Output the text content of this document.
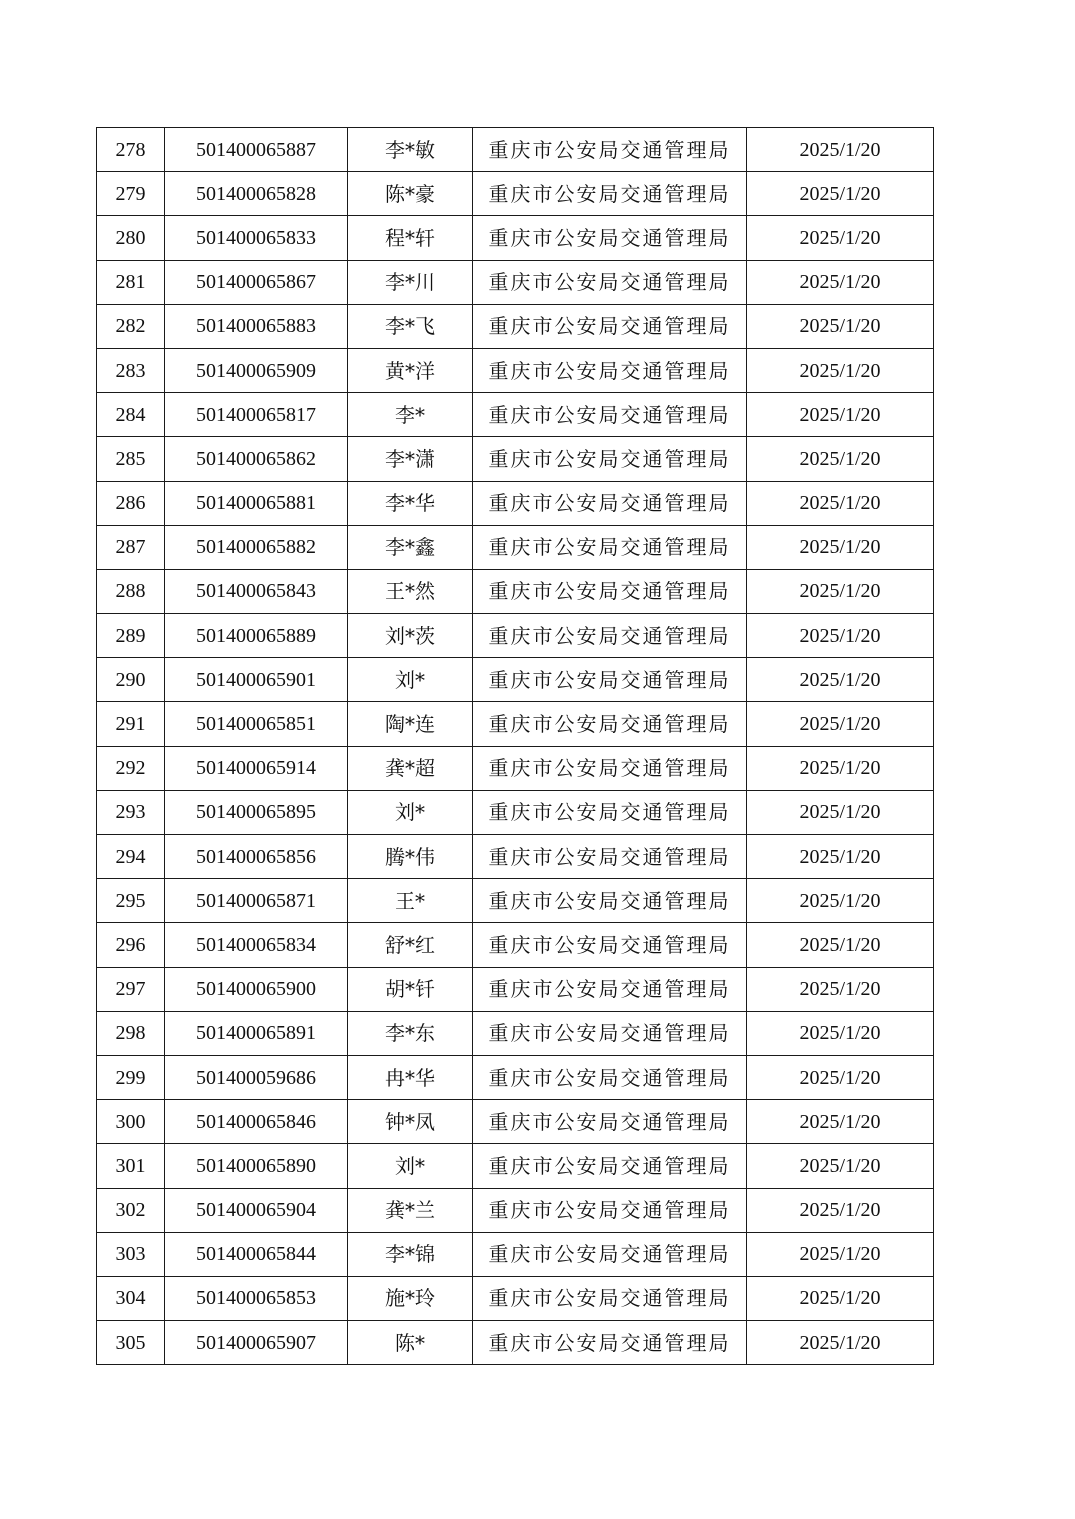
278	501400065887	李*敏	重庆市公安局交通管理局	2025/1/20
279	501400065828	陈*豪	重庆市公安局交通管理局	2025/1/20
280	501400065833	程*轩	重庆市公安局交通管理局	2025/1/20
281	501400065867	李*川	重庆市公安局交通管理局	2025/1/20
282	501400065883	李*飞	重庆市公安局交通管理局	2025/1/20
283	501400065909	黄*洋	重庆市公安局交通管理局	2025/1/20
284	501400065817	李*	重庆市公安局交通管理局	2025/1/20
285	501400065862	李*潇	重庆市公安局交通管理局	2025/1/20
286	501400065881	李*华	重庆市公安局交通管理局	2025/1/20
287	501400065882	李*鑫	重庆市公安局交通管理局	2025/1/20
288	501400065843	王*然	重庆市公安局交通管理局	2025/1/20
289	501400065889	刘*茨	重庆市公安局交通管理局	2025/1/20
290	501400065901	刘*	重庆市公安局交通管理局	2025/1/20
291	501400065851	陶*连	重庆市公安局交通管理局	2025/1/20
292	501400065914	龚*超	重庆市公安局交通管理局	2025/1/20
293	501400065895	刘*	重庆市公安局交通管理局	2025/1/20
294	501400065856	腾*伟	重庆市公安局交通管理局	2025/1/20
295	501400065871	王*	重庆市公安局交通管理局	2025/1/20
296	501400065834	舒*红	重庆市公安局交通管理局	2025/1/20
297	501400065900	胡*钎	重庆市公安局交通管理局	2025/1/20
298	501400065891	李*东	重庆市公安局交通管理局	2025/1/20
299	501400059686	冉*华	重庆市公安局交通管理局	2025/1/20
300	501400065846	钟*凤	重庆市公安局交通管理局	2025/1/20
301	501400065890	刘*	重庆市公安局交通管理局	2025/1/20
302	501400065904	龚*兰	重庆市公安局交通管理局	2025/1/20
303	501400065844	李*锦	重庆市公安局交通管理局	2025/1/20
304	501400065853	施*玲	重庆市公安局交通管理局	2025/1/20
305	501400065907	陈*	重庆市公安局交通管理局	2025/1/20
